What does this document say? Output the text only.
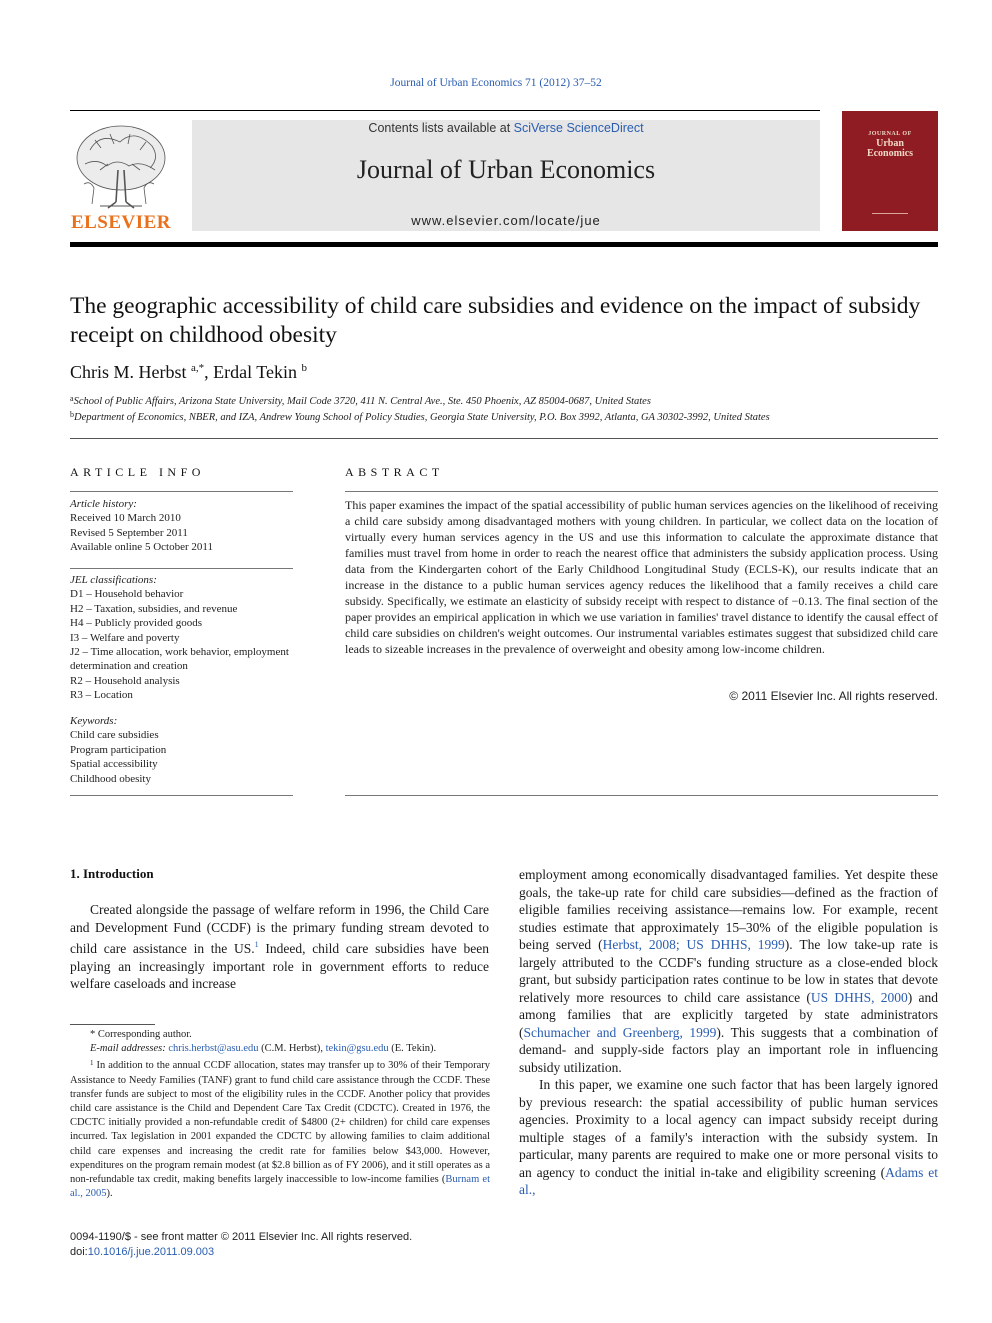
Journal of Urban Economics 71 (2012) 37–52
ELSEVIER
Contents lists available at SciVerse ScienceDirect
Journal of Urban Economics
www.elsevier.com/locate/jue
JOURNAL OF
Urban
Economics
The geographic accessibility of child care subsidies and evidence on the impact of subsidy receipt on childhood obesity
Chris M. Herbst $^{a,*}$, Erdal Tekin $^b$
$^a$School of Public Affairs, Arizona State University, Mail Code 3720, 411 N. Central Ave., Ste. 450 Phoenix, AZ 85004-0687, United States
$^b$Department of Economics, NBER, and IZA, Andrew Young School of Policy Studies, Georgia State University, P.O. Box 3992, Atlanta, GA 30302-3992, United States
ARTICLE INFO
Article history:
Received 10 March 2010
Revised 5 September 2011
Available online 5 October 2011
JEL classifications:
D1 – Household behavior
H2 – Taxation, subsidies, and revenue
H4 – Publicly provided goods
I3 – Welfare and poverty
J2 – Time allocation, work behavior, employment determination and creation
R2 – Household analysis
R3 – Location
Keywords:
Child care subsidies
Program participation
Spatial accessibility
Childhood obesity
ABSTRACT
This paper examines the impact of the spatial accessibility of public human services agencies on the likelihood of receiving a child care subsidy among disadvantaged mothers with young children. In particular, we collect data on the location of virtually every human services agency in the US and use this information to calculate the approximate distance that families must travel from home in order to reach the nearest office that administers the subsidy application process. Using data from the Kindergarten cohort of the Early Childhood Longitudinal Study (ECLS-K), our results indicate that an increase in the distance to a public human services agency reduces the likelihood that a family receives a child care subsidy. Specifically, we estimate an elasticity of subsidy receipt with respect to distance of −0.13. The final section of the paper provides an empirical application in which we use variation in families' travel distance to identify the causal effect of child care subsidies on children's weight outcomes. Our instrumental variables estimates suggest that subsidized child care leads to sizeable increases in the prevalence of overweight and obesity among low-income children.
© 2011 Elsevier Inc. All rights reserved.
1. Introduction

Created alongside the passage of welfare reform in 1996, the Child Care and Development Fund (CCDF) is the primary funding stream devoted to child care assistance in the US.$^1$ Indeed, child care subsidies have been playing an increasingly important role in government efforts to reduce welfare caseloads and increase

employment among economically disadvantaged families. Yet despite these goals, the take-up rate for child care subsidies—defined as the fraction of eligible families receiving assistance—remains low. For example, recent studies estimate that approximately 15–30% of the eligible population is being served (Herbst, 2008; US DHHS, 1999). The low take-up rate is largely attributed to the CCDF's funding structure as a close-ended block grant, but subsidy participation rates continue to be low in states that devote relatively more resources to child care assistance (US DHHS, 2000) and among families that are explicitly targeted by state administrators (Schumacher and Greenberg, 1999). This suggests that a combination of demand- and supply-side factors play an important role in influencing subsidy utilization.

In this paper, we examine one such factor that has been largely ignored by previous research: the spatial accessibility of public human services agencies. Proximity to a local agency can impact subsidy receipt during multiple stages of a family's interaction with the subsidy system. In particular, many parents are required to make one or more personal visits to an agency to conduct the initial in-take and eligibility screening (Adams et al.,

* Corresponding author.
E-mail addresses: chris.herbst@asu.edu (C.M. Herbst), tekin@gsu.edu (E. Tekin).
$^1$ In addition to the annual CCDF allocation, states may transfer up to 30% of their Temporary Assistance to Needy Families (TANF) grant to fund child care assistance through the CCDF. These transfer funds are subject to most of the eligibility rules in the CCDF. Another policy that provides child care assistance is the Child and Dependent Care Tax Credit (CDCTC). Created in 1976, the CDCTC initially provided a non-refundable credit of $4800 (2+ children) for child care expenses incurred. Tax legislation in 2001 expanded the CDCTC by allowing families to claim additional child care expenses and increasing the credit rate for families below $43,000. However, expenditures on the program remain modest (at $2.8 billion as of FY 2006), and it still operates as a non-refundable tax credit, making benefits largely inaccessible to low-income families (Burnam et al., 2005).
0094-1190/$ - see front matter © 2011 Elsevier Inc. All rights reserved.
doi:10.1016/j.jue.2011.09.003
